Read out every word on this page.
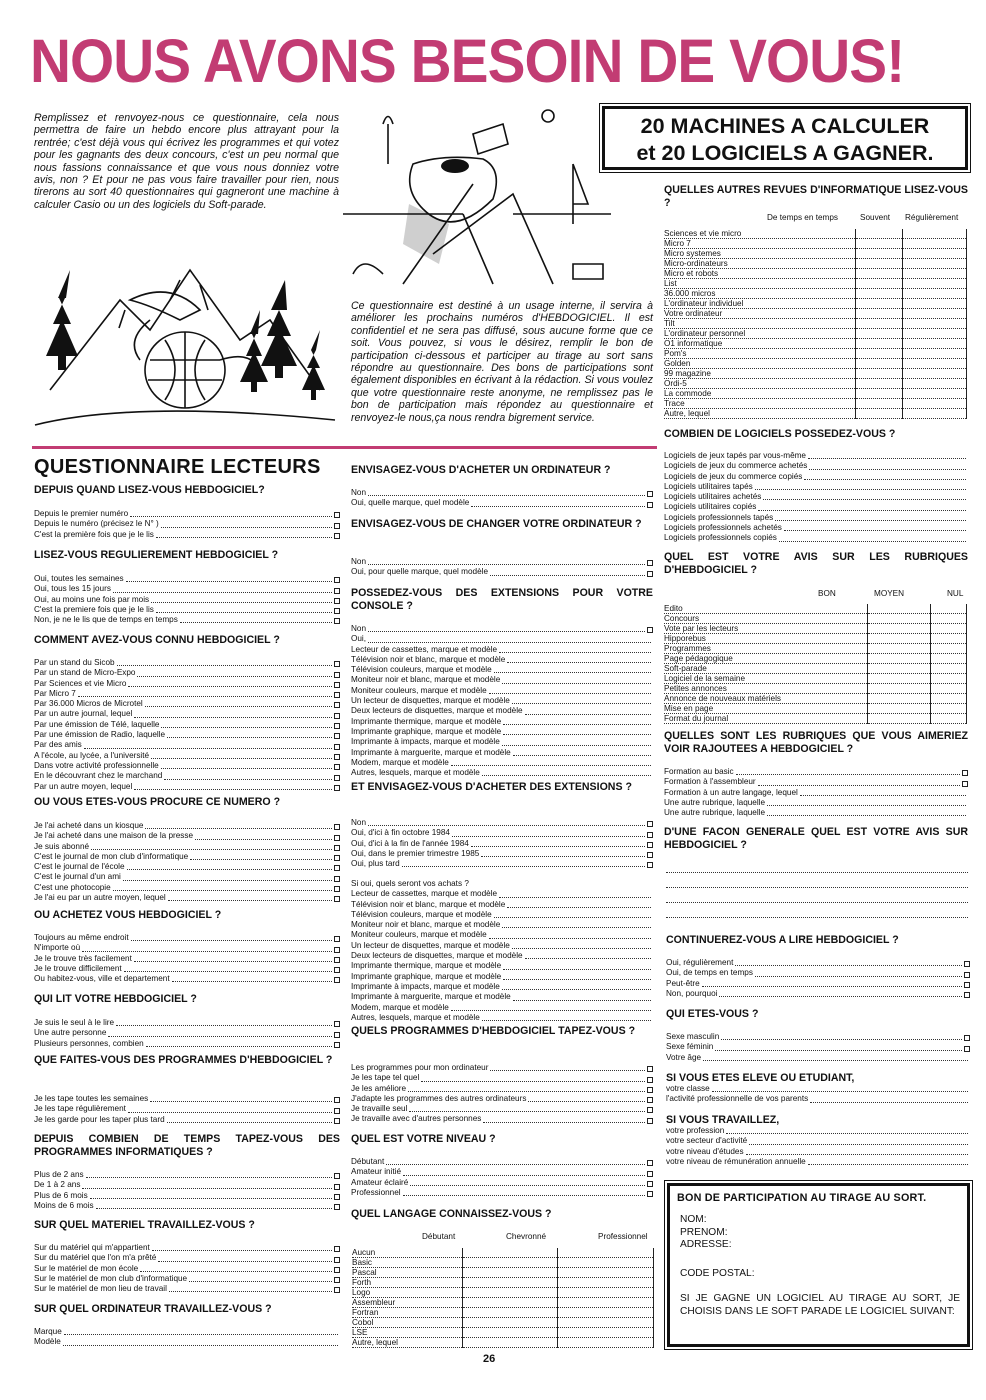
NOUS AVONS BESOIN DE VOUS!
Remplissez et renvoyez-nous ce questionnaire, cela nous permettra de faire un hebdo encore plus attrayant pour la rentrée; c'est déjà vous qui écrivez les programmes et qui votez pour les gagnants des deux concours, c'est un peu normal que nous fassions connaissance et que vous nous donniez votre avis, non ? Et pour ne pas vous faire travailler pour rien, nous tirerons au sort 40 questionnaires qui gagneront une machine à calculer Casio ou un des logiciels du Soft-parade.
Ce questionnaire est destiné à un usage interne, il servira à améliorer les prochains numéros d'HEBDOGICIEL. Il est confidentiel et ne sera pas diffusé, sous aucune forme que ce soit. Vous pouvez, si vous le désirez, remplir le bon de participation ci-dessous et participer au tirage au sort sans répondre au questionnaire. Des bons de participations sont également disponibles en écrivant à la rédaction. Si vous voulez que votre questionnaire reste anonyme, ne remplissez pas le bon de participation mais répondez au questionnaire et renvoyez-le nous,ça nous rendra bigrement service.
20 MACHINES A CALCULER
et 20 LOGICIELS A GAGNER.
QUESTIONNAIRE LECTEURS
DEPUIS QUAND LISEZ-VOUS HEBDOGICIEL?
Depuis le premier numéro
Depuis le numéro (précisez le N° )
C'est la première fois que je le lis
LISEZ-VOUS REGULIEREMENT HEBDOGICIEL ?
Oui, toutes les semaines
Oui, tous les 15 jours
Oui, au moins une fois par mois
C'est la premiere fois que je le lis
Non, je ne le lis que de temps en temps
COMMENT AVEZ-VOUS CONNU HEBDOGICIEL ?
Par un stand du Sicob
Par un stand de Micro-Expo
Par Sciences et vie Micro
Par Micro 7
Par 36.000 Micros de Microtel
Par un autre journal, lequel
Par une émission de Télé, laquelle
Par une émission de Radio, laquelle
Par des amis
A l'école, au lycée, a l'université
Dans votre activité professionnelle
En le découvrant chez le marchand
Par un autre moyen, lequel
OU VOUS ETES-VOUS PROCURE CE NUMERO ?
Je l'ai acheté dans un kiosque
Je l'ai acheté dans une maison de la presse
Je suis abonné
C'est le journal de mon club d'informatique
C'est le journal de l'école
C'est le journal d'un ami
C'est une photocopie
Je l'ai eu par un autre moyen, lequel
OU ACHETEZ VOUS HEBDOGICIEL ?
Toujours au même endroit
N'importe où
Je le trouve très facilement
Je le trouve difficilement
Ou habitez-vous, ville et departement
QUI LIT VOTRE HEBDOGICIEL ?
Je suis le seul à le lire
Une autre personne
Plusieurs personnes, combien
QUE FAITES-VOUS DES PROGRAMMES D'HEBDOGICIEL ?
Je les tape toutes les semaines
Je les tape régulièrement
Je les garde pour les taper plus tard
DEPUIS COMBIEN DE TEMPS TAPEZ-VOUS DES PROGRAMMES INFORMATIQUES ?
Plus de 2 ans
De 1 à 2 ans
Plus de 6 mois
Moins de 6 mois
SUR QUEL MATERIEL TRAVAILLEZ-VOUS ?
Sur du matériel qui m'appartient
Sur du matériel que l'on m'a prêté
Sur le matériel de mon école
Sur le matériel de mon club d'informatique
Sur le matériel de mon lieu de travail
SUR QUEL ORDINATEUR TRAVAILLEZ-VOUS ?
Marque
Modèle
ENVISAGEZ-VOUS D'ACHETER UN ORDINATEUR ?
Non
Oui, quelle marque, quel modèle
ENVISAGEZ-VOUS DE CHANGER VOTRE ORDINATEUR ?
Non
Oui, pour quelle marque, quel modèle
POSSEDEZ-VOUS DES EXTENSIONS POUR VOTRE CONSOLE ?
Non
Oui,
Lecteur de cassettes, marque et modèle
Télévision noir et blanc, marque et modèle
Télévision couleurs, marque et modèle
Moniteur noir et blanc, marque et modèle
Moniteur couleurs, marque et modèle
Un lecteur de disquettes, marque et modèle
Deux lecteurs de disquettes, marque et modèle
Imprimante thermique, marque et modèle
Imprimante graphique, marque et modèle
Imprimante à impacts, marque et modèle
Imprimante à marguerite, marque et modèle
Modem, marque et modèle
Autres, lesquels, marque et modèle
ET ENVISAGEZ-VOUS D'ACHETER DES EXTENSIONS ?
Non
Oui, d'ici à fin octobre 1984
Oui, d'ici à la fin de l'année 1984
Oui, dans le premier trimestre 1985
Oui, plus tard
Si oui, quels seront vos achats ?
Lecteur de cassettes, marque et modèle
Télévision noir et blanc, marque et modèle
Télévision couleurs, marque et modèle
Moniteur noir et blanc, marque et modèle
Moniteur couleurs, marque et modèle
Un lecteur de disquettes, marque et modèle
Deux lecteurs de disquettes, marque et modèle
Imprimante thermique, marque et modèle
Imprimante graphique, marque et modèle
Imprimante à impacts, marque et modèle
Imprimante à marguerite, marque et modèle
Modem, marque et modèle
Autres, lesquels, marque et modèle
QUELS PROGRAMMES D'HEBDOGICIEL TAPEZ-VOUS ?
Les programmes pour mon ordinateur
Je les tape tel quel
Je les améliore
J'adapte les programmes des autres ordinateurs
Je travaille seul
Je travaille avec d'autres personnes
QUEL EST VOTRE NIVEAU ?
Débutant
Amateur initié
Amateur éclairé
Professionnel
QUEL LANGAGE CONNAISSEZ-VOUS ?
Débutant	Chevronné	Professionnel
Aucun		
Basic		
Pascal		
Forth		
Logo		
Assembleur		
Fortran		
Cobol		
LSE		
Autre, lequel		
QUELLES AUTRES REVUES D'INFORMATIQUE LISEZ-VOUS ?
De temps en temps	Souvent Régulièrement
Sciences et vie micro		
Micro 7		
Micro systemes		
Micro-ordinateurs		
Micro et robots		
List		
36.000 micros		
L'ordinateur individuel		
Votre ordinateur		
Tilt		
L'ordinateur personnel		
O1 informatique		
Pom's		
Golden		
99 magazine		
Ordi-5		
La commode		
Trace		
Autre, lequel		
COMBIEN DE LOGICIELS POSSEDEZ-VOUS ?
Logiciels de jeux tapés par vous-même
Logiciels de jeux du commerce achetés
Logiciels de jeux du commerce copiés
Logiciels utilitaires tapés
Logiciels utilitaires achetés
Logiciels utilitaires copiés
Logiciels professionnels tapés
Logiciels professionnels achetés
Logiciels professionnels copiés
QUEL EST VOTRE AVIS SUR LES RUBRIQUES D'HEBDOGICIEL ?
BON	MOYEN	NUL
Edito		
Concours		
Vote par les lecteurs		
Hipporebus		
Programmes		
Page pédagogique		
Soft-parade		
Logiciel de la semaine		
Petites annonces		
Annonce de nouveaux matériels		
Mise en page		
Format du journal		
QUELLES SONT LES RUBRIQUES QUE VOUS AIMERIEZ VOIR RAJOUTEES A HEBDOGICIEL ?
Formation au basic
Formation à l'assembleur
Formation à un autre langage, lequel
Une autre rubrique, laquelle
Une autre rubrique, laquelle
D'UNE FACON GENERALE QUEL EST VOTRE AVIS SUR HEBDOGICIEL ?
CONTINUEREZ-VOUS A LIRE HEBDOGICIEL ?
Oui, régulièrement
Oui, de temps en temps
Peut-être
Non, pourquoi
QUI ETES-VOUS ?
Sexe masculin
Sexe féminin
Votre âge
SI VOUS ETES ELEVE OU ETUDIANT,
votre classe
l'activité professionnelle de vos parents
SI VOUS TRAVAILLEZ,
votre profession
votre secteur d'activité
votre niveau d'études
votre niveau de rémunération annuelle
BON DE PARTICIPATION AU TIRAGE AU SORT.
NOM:
PRENOM:
ADRESSE:
CODE POSTAL:
SI JE GAGNE UN LOGICIEL AU TIRAGE AU SORT, JE CHOISIS DANS LE SOFT PARADE LE LOGICIEL SUIVANT:
26
